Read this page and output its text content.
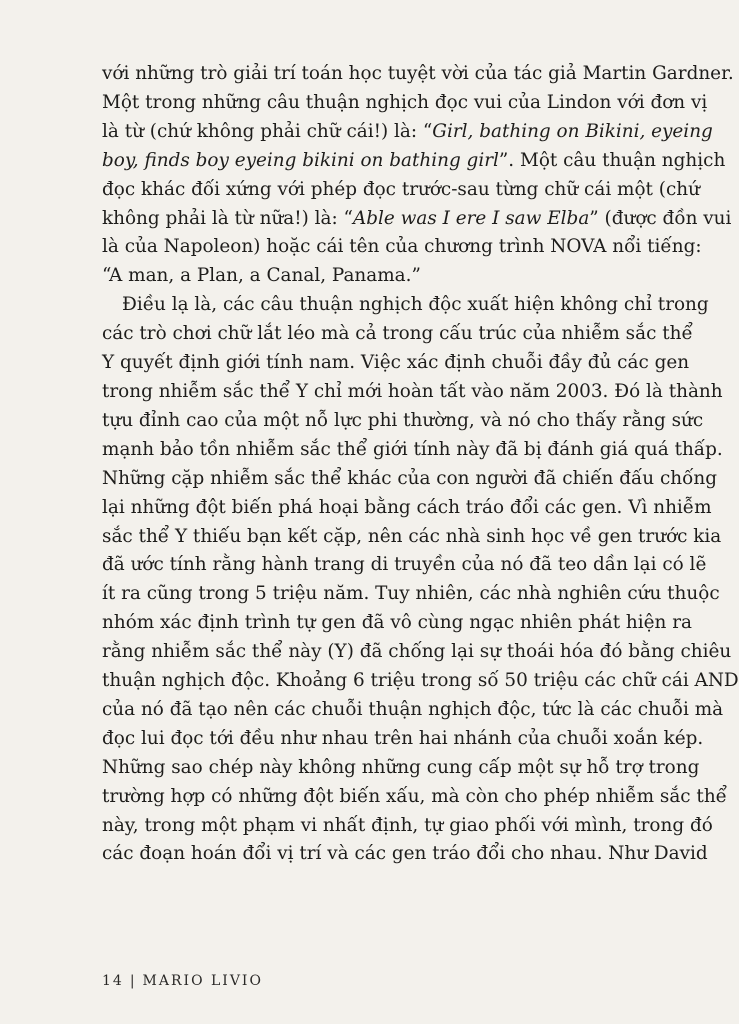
với những trò giải trí toán học tuyệt vời của tác giả Martin Gardner.
Một trong những câu thuận nghịch đọc vui của Lindon với đơn vị
là từ (chứ không phải chữ cái!) là: “Girl, bathing on Bikini, eyeing
boy, finds boy eyeing bikini on bathing girl”. Một câu thuận nghịch
đọc khác đối xứng với phép đọc trước-sau từng chữ cái một (chứ
không phải là từ nữa!) là: “Able was I ere I saw Elba” (được đồn vui
là của Napoleon) hoặc cái tên của chương trình NOVA nổi tiếng:
“A man, a Plan, a Canal, Panama.”
Điều lạ là, các câu thuận nghịch độc xuất hiện không chỉ trong
các trò chơi chữ lắt léo mà cả trong cấu trúc của nhiễm sắc thể
Y quyết định giới tính nam. Việc xác định chuỗi đầy đủ các gen
trong nhiễm sắc thể Y chỉ mới hoàn tất vào năm 2003. Đó là thành
tựu đỉnh cao của một nỗ lực phi thường, và nó cho thấy rằng sức
mạnh bảo tồn nhiễm sắc thể giới tính này đã bị đánh giá quá thấp.
Những cặp nhiễm sắc thể khác của con người đã chiến đấu chống
lại những đột biến phá hoại bằng cách tráo đổi các gen. Vì nhiễm
sắc thể Y thiếu bạn kết cặp, nên các nhà sinh học về gen trước kia
đã ước tính rằng hành trang di truyền của nó đã teo dần lại có lẽ
ít ra cũng trong 5 triệu năm. Tuy nhiên, các nhà nghiên cứu thuộc
nhóm xác định trình tự gen đã vô cùng ngạc nhiên phát hiện ra
rằng nhiễm sắc thể này (Y) đã chống lại sự thoái hóa đó bằng chiêu
thuận nghịch độc. Khoảng 6 triệu trong số 50 triệu các chữ cái AND
của nó đã tạo nên các chuỗi thuận nghịch độc, tức là các chuỗi mà
đọc lui đọc tới đều như nhau trên hai nhánh của chuỗi xoắn kép.
Những sao chép này không những cung cấp một sự hỗ trợ trong
trường hợp có những đột biến xấu, mà còn cho phép nhiễm sắc thể
này, trong một phạm vi nhất định, tự giao phối với mình, trong đó
các đoạn hoán đổi vị trí và các gen tráo đổi cho nhau. Như David
14 | MARIO LIVIO
